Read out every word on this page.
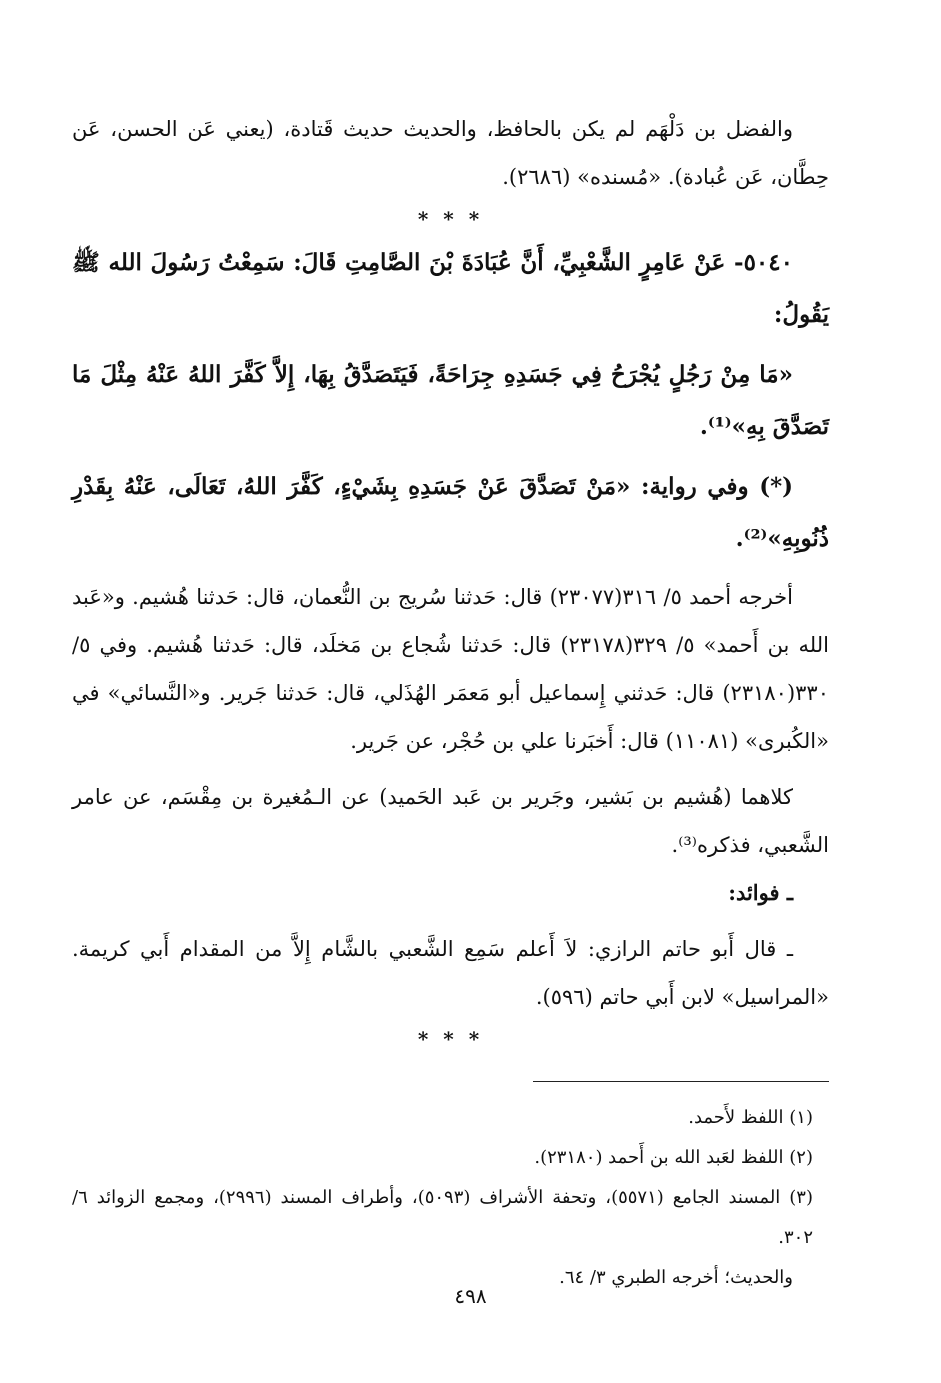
والفضل بن دَلْهَم لم يكن بالحافظ، والحديث حديث قَتادة، (يعني عَن الحسن، عَن حِطَّان، عَن عُبادة). «مُسنده» (٢٦٨٦).

* * *

٥٠٤٠- عَنْ عَامِرٍ الشَّعْبِيِّ، أَنَّ عُبَادَةَ بْنَ الصَّامِتِ قَالَ: سَمِعْتُ رَسُولَ الله ﷺ يَقُولُ:

«مَا مِنْ رَجُلٍ يُجْرَحُ فِي جَسَدِهِ جِرَاحَةً، فَيَتَصَدَّقُ بِهَا، إِلاَّ كَفَّرَ اللهُ عَنْهُ مِثْلَ مَا تَصَدَّقَ بِهِ»⁽¹⁾.

(*) وفي رواية: «مَنْ تَصَدَّقَ عَنْ جَسَدِهِ بِشَيْءٍ، كَفَّرَ اللهُ، تَعَالَى، عَنْهُ بِقَدْرِ ذُنُوبِهِ»⁽²⁾.

أخرجه أحمد ٥/ ٣١٦(٢٣٠٧٧) قال: حَدثنا سُريج بن النُّعمان، قال: حَدثنا هُشيم. و«عَبد الله بن أَحمد» ٥/ ٣٢٩(٢٣١٧٨) قال: حَدثنا شُجاع بن مَخلَد، قال: حَدثنا هُشيم. وفي ٥/ ٣٣٠(٢٣١٨٠) قال: حَدثني إِسماعيل أبو مَعمَر الهُذَلي، قال: حَدثنا جَرير. و«النَّسائي» في «الكُبرى» (١١٠٨١) قال: أَخبَرنا علي بن حُجْر، عن جَرير.

كلاهما (هُشيم بن بَشير، وجَرير بن عَبد الحَميد) عن الـمُغيرة بن مِقْسَم، عن عامر الشَّعبي، فذكره⁽³⁾.

ـ فوائد:

ـ قال أَبو حاتم الرازي: لاَ أَعلم سَمِع الشَّعبي بالشَّام إِلاَّ من المقدام أَبي كريمة. «المراسيل» لابن أَبي حاتم (٥٩٦).

* * *

(١) اللفظ لأَحمد.

(٢) اللفظ لعَبد الله بن أَحمد (٢٣١٨٠).

(٣) المسند الجامع (٥٥٧١)، وتحفة الأشراف (٥٠٩٣)، وأطراف المسند (٢٩٩٦)، ومجمع الزوائد ٦/ ٣٠٢.

والحديث؛ أخرجه الطبري ٣/ ٦٤.

٤٩٨
